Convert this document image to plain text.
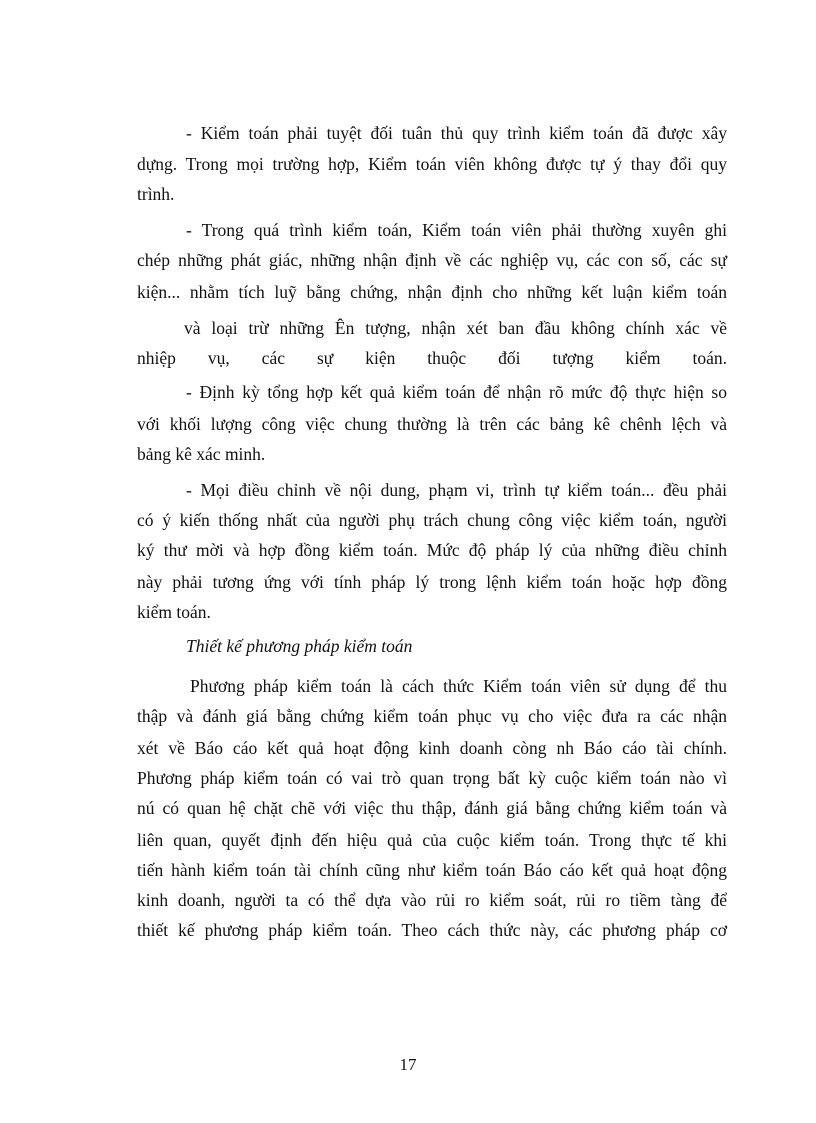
- Kiểm toán phải tuyệt đối tuân thủ quy trình kiểm toán đã được xây
dựng. Trong mọi trường hợp, Kiểm toán viên không được tự ý thay đổi quy
trình.
- Trong quá trình kiểm toán, Kiểm toán viên phải thường xuyên ghi
chép những phát giác, những nhận định về các nghiệp vụ, các con số, các sự
kiện... nhằm tích luỹ bằng chứng, nhận định cho những kết luận kiểm toán
và loại trừ những Ên tượng, nhận xét ban đầu không chính xác về
nhiệp vụ, các sự kiện thuộc đối tượng kiểm toán.
- Định kỳ tổng hợp kết quả kiểm toán để nhận rõ mức độ thực hiện so
với khối lượng công việc chung thường là trên các bảng kê chênh lệch và
bảng kê xác minh.
- Mọi điều chỉnh về nội dung, phạm vi, trình tự kiểm toán... đều phải
có ý kiến thống nhất của người phụ trách chung công việc kiểm toán, người
ký thư mời và hợp đồng kiểm toán. Mức độ pháp lý của những điều chỉnh
này phải tương ứng với tính pháp lý trong lệnh kiểm toán hoặc hợp đồng
kiểm toán.
Thiết kế phương pháp kiểm toán
Phương pháp kiểm toán là cách thức Kiểm toán viên sử dụng để thu
thập và đánh giá bằng chứng kiểm toán phục vụ cho việc đưa ra các nhận
xét về Báo cáo kết quả hoạt động kinh doanh còng nh Báo cáo tài chính.
Phương pháp kiểm toán có vai trò quan trọng bất kỳ cuộc kiểm toán nào vì
nú có quan hệ chặt chẽ với việc thu thập, đánh giá bằng chứng kiểm toán và
liên quan, quyết định đến hiệu quả của cuộc kiểm toán. Trong thực tế khi
tiến hành kiểm toán tài chính cũng như kiểm toán Báo cáo kết quả hoạt động
kinh doanh, người ta có thể dựa vào rủi ro kiểm soát, rủi ro tiềm tàng để
thiết kế phương pháp kiểm toán. Theo cách thức này, các phương pháp cơ
17
